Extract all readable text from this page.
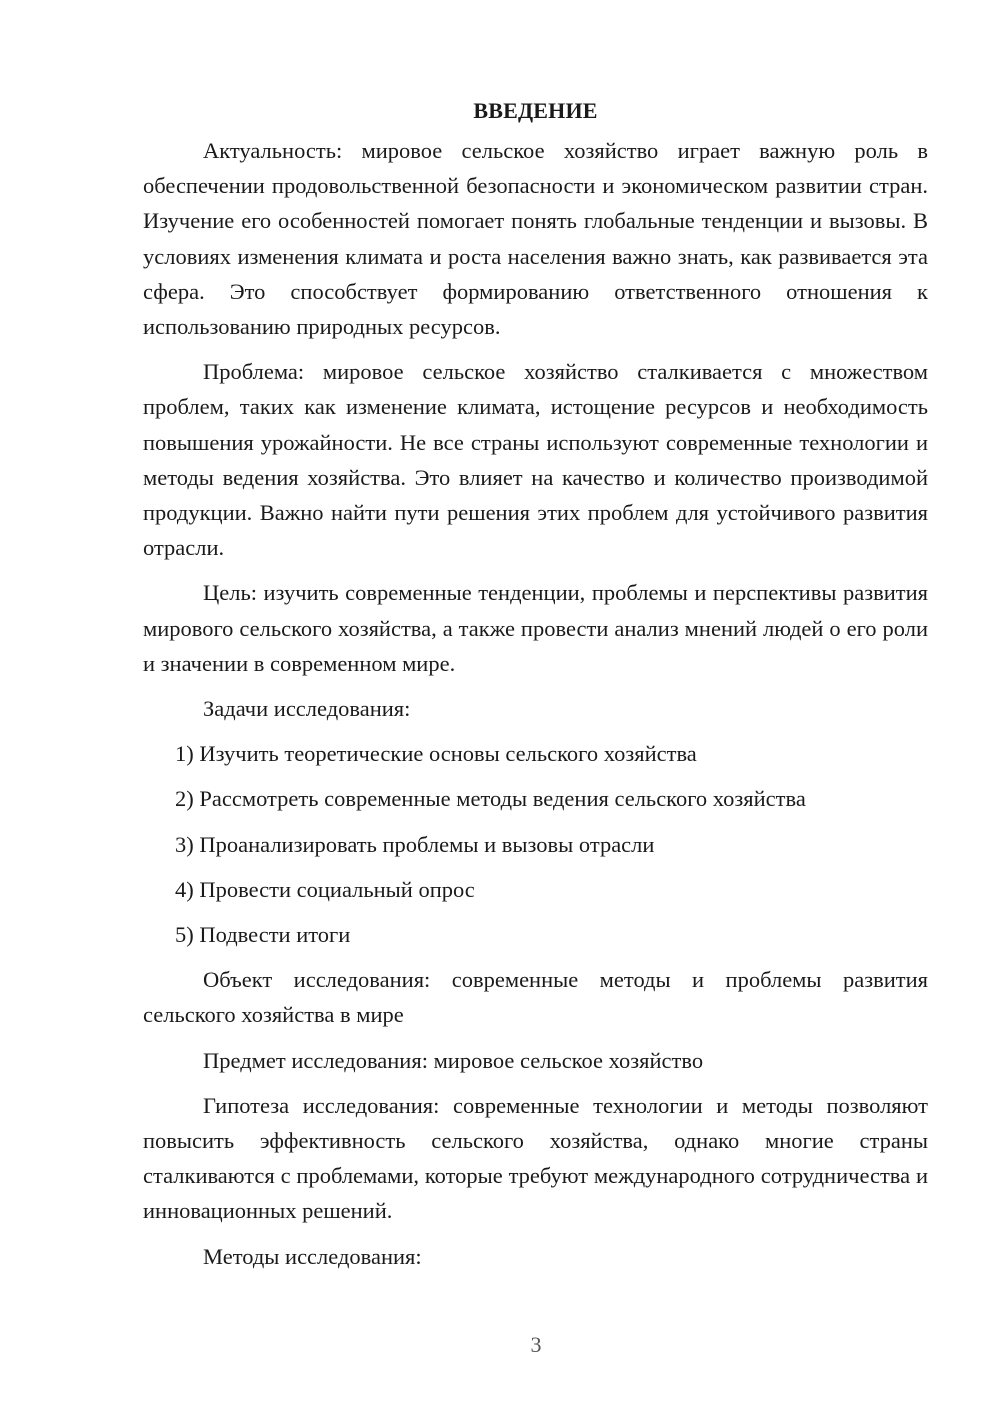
ВВЕДЕНИЕ

Актуальность: мировое сельское хозяйство играет важную роль в обеспечении продовольственной безопасности и экономическом развитии стран. Изучение его особенностей помогает понять глобальные тенденции и вызовы. В условиях изменения климата и роста населения важно знать, как развивается эта сфера. Это способствует формированию ответственного отношения к использованию природных ресурсов.

Проблема: мировое сельское хозяйство сталкивается с множеством проблем, таких как изменение климата, истощение ресурсов и необходимость повышения урожайности. Не все страны используют современные технологии и методы ведения хозяйства. Это влияет на качество и количество производимой продукции. Важно найти пути решения этих проблем для устойчивого развития отрасли.

Цель: изучить современные тенденции, проблемы и перспективы развития мирового сельского хозяйства, а также провести анализ мнений людей о его роли и значении в современном мире.

Задачи исследования:

1) Изучить теоретические основы сельского хозяйства
2) Рассмотреть современные методы ведения сельского хозяйства
3) Проанализировать проблемы и вызовы отрасли
4) Провести социальный опрос
5) Подвести итоги

Объект исследования: современные методы и проблемы развития сельского хозяйства в мире

Предмет исследования: мировое сельское хозяйство

Гипотеза исследования: современные технологии и методы позволяют повысить эффективность сельского хозяйства, однако многие страны сталкиваются с проблемами, которые требуют международного сотрудничества и инновационных решений.

Методы исследования:

3
